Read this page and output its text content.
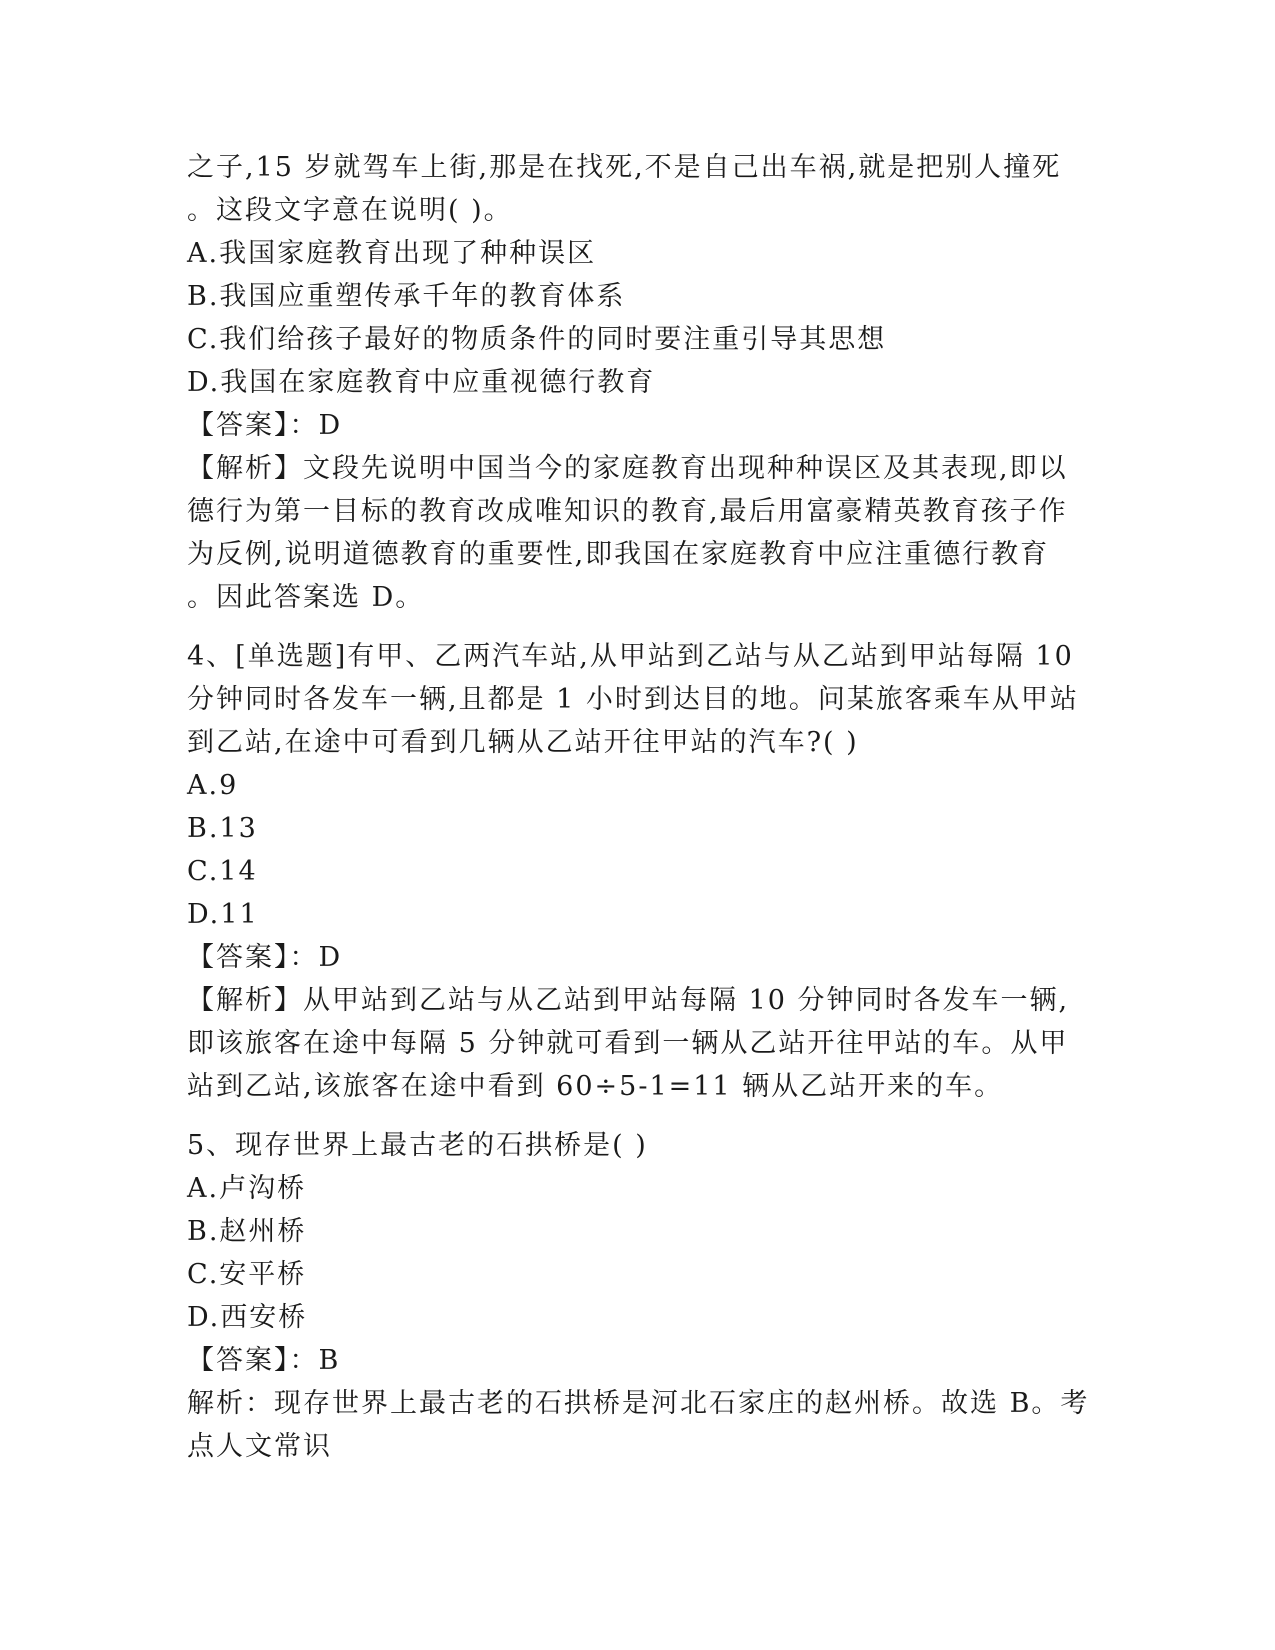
之子,15 岁就驾车上街,那是在找死,不是自己出车祸,就是把别人撞死
。这段文字意在说明( )。
A.我国家庭教育出现了种种误区
B.我国应重塑传承千年的教育体系
C.我们给孩子最好的物质条件的同时要注重引导其思想
D.我国在家庭教育中应重视德行教育
【答案】：D
【解析】文段先说明中国当今的家庭教育出现种种误区及其表现,即以
德行为第一目标的教育改成唯知识的教育,最后用富豪精英教育孩子作
为反例,说明道德教育的重要性,即我国在家庭教育中应注重德行教育
。因此答案选 D。
4、[单选题]有甲、乙两汽车站,从甲站到乙站与从乙站到甲站每隔 10
分钟同时各发车一辆,且都是 1 小时到达目的地。问某旅客乘车从甲站
到乙站,在途中可看到几辆从乙站开往甲站的汽车?( )
A.9
B.13
C.14
D.11
【答案】：D
【解析】从甲站到乙站与从乙站到甲站每隔 10 分钟同时各发车一辆,
即该旅客在途中每隔 5 分钟就可看到一辆从乙站开往甲站的车。从甲
站到乙站,该旅客在途中看到 60÷5-1=11 辆从乙站开来的车。
5、现存世界上最古老的石拱桥是( )
A.卢沟桥
B.赵州桥
C.安平桥
D.西安桥
【答案】：B
解析：现存世界上最古老的石拱桥是河北石家庄的赵州桥。故选 B。考
点人文常识
